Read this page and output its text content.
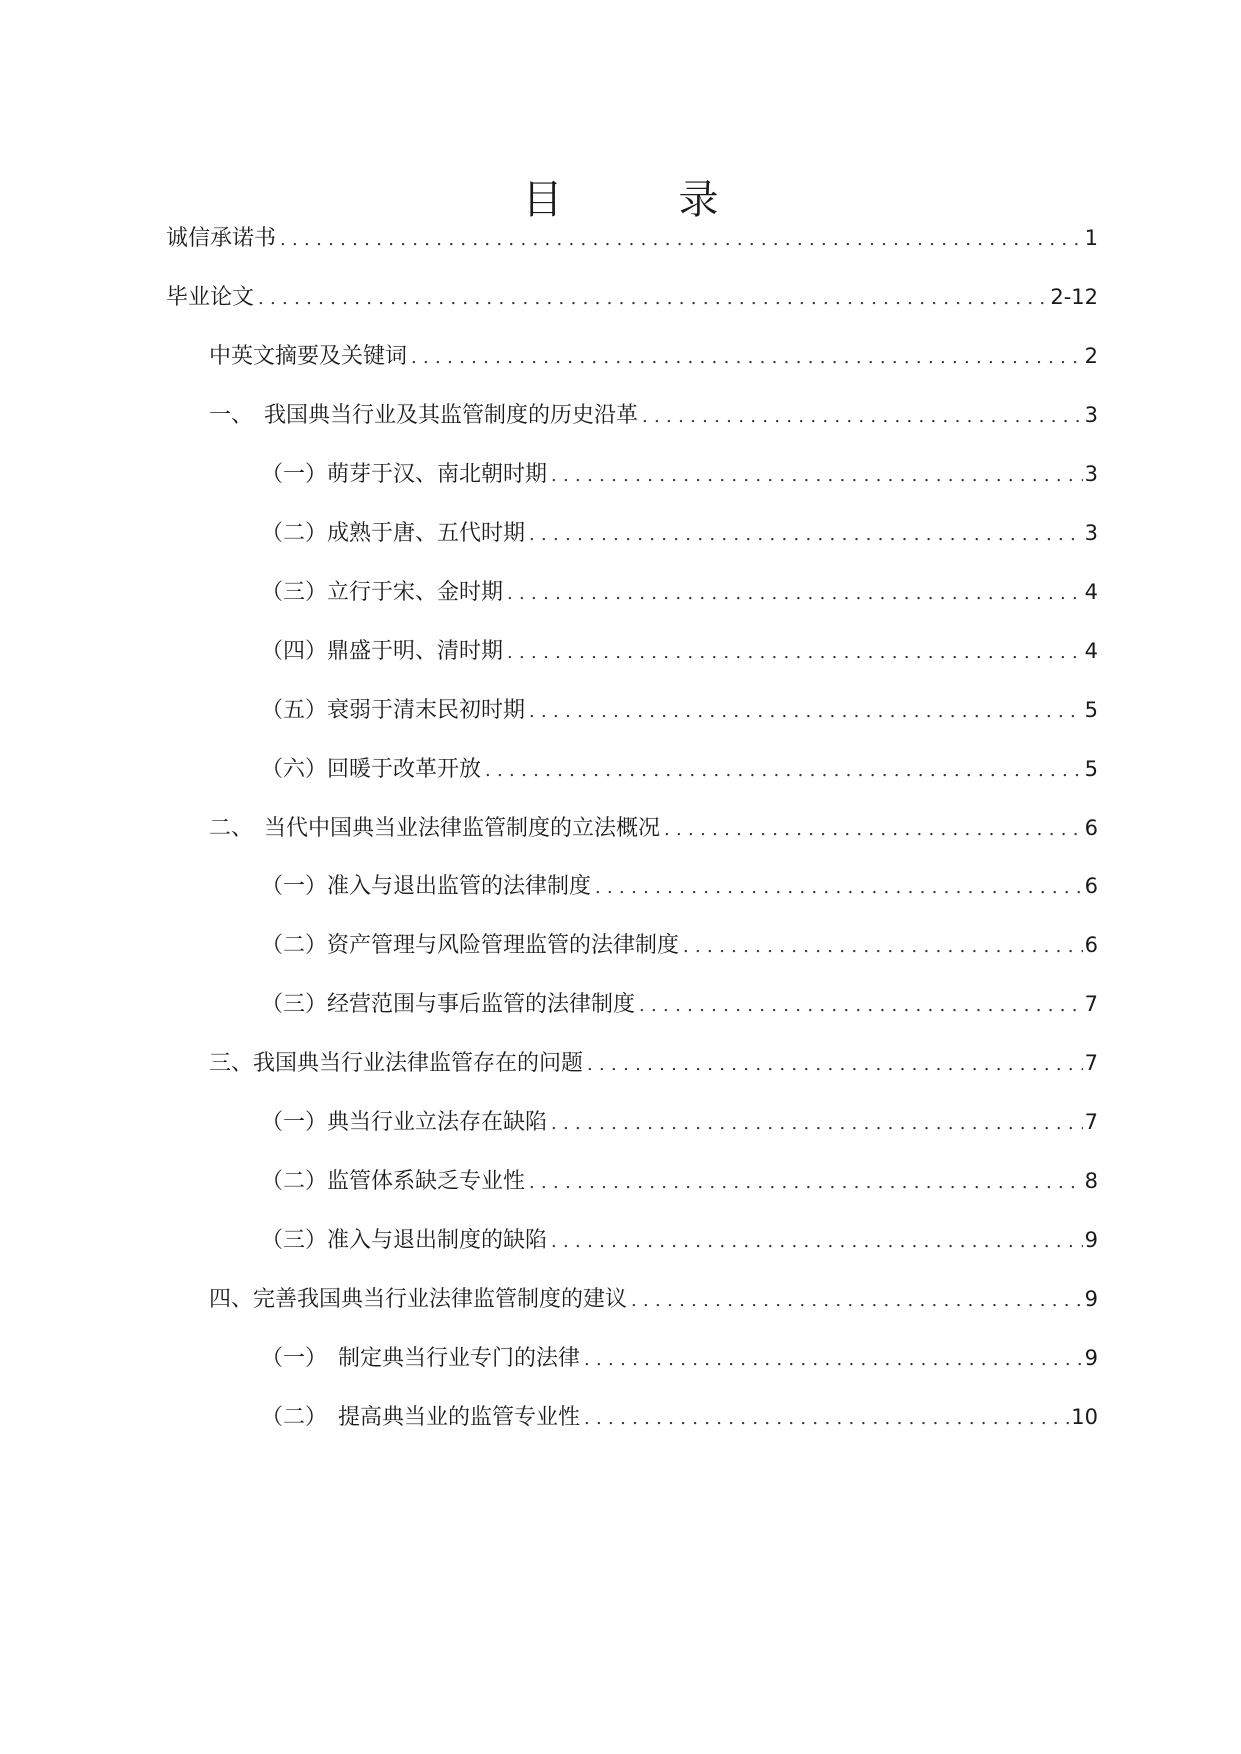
目　录
诚信承诺书 .....	1
毕业论文 .....	2-12
中英文摘要及关键词 .....	2
一、　我国典当行业及其监管制度的历史沿革 .....	3
（一）萌芽于汉、南北朝时期 .....	3
（二）成熟于唐、五代时期 .....	3
（三）立行于宋、金时期 .....	4
（四）鼎盛于明、清时期 .....	4
（五）衰弱于清末民初时期 .....	5
（六）回暖于改革开放 .....	5
二、　当代中国典当业法律监管制度的立法概况 .....	6
（一）准入与退出监管的法律制度 .....	6
（二）资产管理与风险管理监管的法律制度 .....	6
（三）经营范围与事后监管的法律制度 .....	7
三、我国典当行业法律监管存在的问题 .....	7
（一）典当行业立法存在缺陷 .....	7
（二）监管体系缺乏专业性 .....	8
（三）准入与退出制度的缺陷 .....	9
四、完善我国典当行业法律监管制度的建议 .....	9
（一）　制定典当行业专门的法律 .....	9
（二）　提高典当业的监管专业性 .....	10
